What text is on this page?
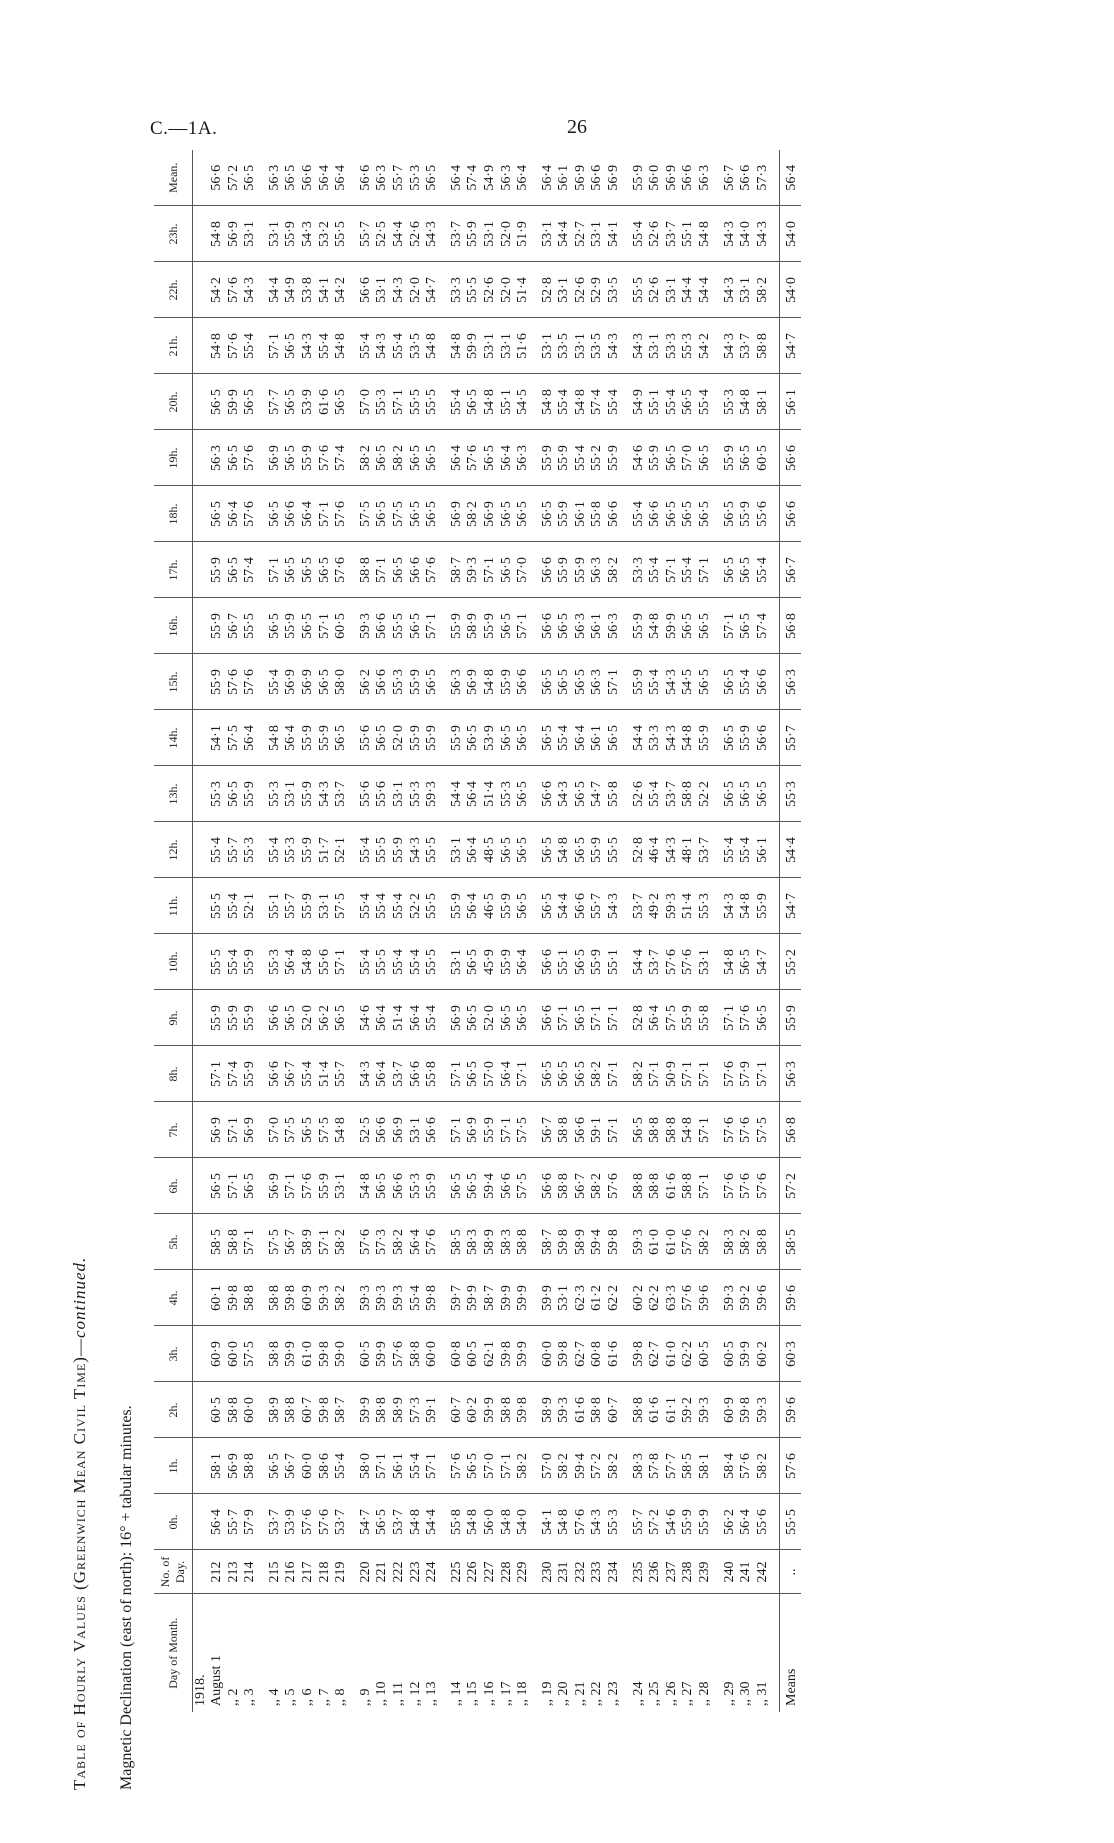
C.—1A.	26
Table of Hourly Values (Greenwich Mean Civil Time)—continued.
Magnetic Declination (east of north): 16° + tabular minutes.	Day of Month.	No. of Day.	0h.	1h.	2h.	3h.	4h.	5h.	6h.	7h.	8h.	9h.	10h.	11h.	12h.	13h.	14h.	15h.	16h.	17h.	18h.	19h.	20h.	21h.	22h.	23h.	Mean.
1918.																										
August 1	212	56·4	58·1	60·5	60·9	60·1	58·5	56·5	56·9	57·1	55·9	55·5	55·5	55·4	55·3	54·1	55·9	55·9	55·9	56·5	56·3	56·5	54·8	54·2	54·8	56·6
,, 2	213	55·7	56·9	58·8	60·0	59·8	58·8	57·1	57·1	57·4	55·9	55·4	55·4	55·7	56·5	57·5	57·6	56·7	56·5	56·4	56·5	59·9	57·6	57·6	56·9	57·2
,, 3	214	57·9	58·8	60·0	57·5	58·8	57·1	56·5	56·9	55·9	55·9	55·9	52·1	55·3	55·9	56·4	57·6	55·5	57·4	57·6	57·6	56·5	55·4	54·3	53·1	56·5

,, 4	215	53·7	56·5	58·9	58·8	58·8	57·5	56·9	57·0	56·6	56·6	55·3	55·1	55·4	55·3	54·8	55·4	56·5	57·1	56·5	56·9	57·7	57·1	54·4	53·1	56·3
,, 5	216	53·9	56·7	58·8	59·9	59·8	56·7	57·1	57·5	56·7	56·5	56·4	55·7	55·3	53·1	56·4	56·9	55·9	56·5	56·6	56·5	56·5	56·5	54·9	55·9	56·5
,, 6	217	57·6	60·0	60·7	61·0	60·9	58·9	57·6	56·5	55·4	52·0	54·8	55·9	55·9	55·9	55·9	56·9	56·5	56·5	56·4	55·9	53·9	54·3	53·8	54·3	56·6
,, 7	218	57·6	58·6	59·8	59·8	59·3	57·1	55·9	57·5	51·4	56·2	55·6	53·1	51·7	54·3	55·9	56·5	57·1	56·5	57·1	57·6	61·6	55·4	54·1	53·2	56·4
,, 8	219	53·7	55·4	58·7	59·0	58·2	58·2	53·1	54·8	55·7	56·5	57·1	57·5	52·1	53·7	56·5	58·0	60·5	57·6	57·6	57·4	56·5	54·8	54·2	55·5	56·4

,, 9	220	54·7	58·0	59·9	60·5	59·3	57·6	54·8	52·5	54·3	54·6	55·4	55·4	55·4	55·6	55·6	56·2	59·3	58·8	57·5	58·2	57·0	55·4	56·6	55·7	56·6
,, 10	221	56·5	57·1	58·8	59·9	59·3	57·3	56·5	56·6	56·4	56·4	55·5	55·4	55·5	55·6	56·5	56·6	56·6	57·1	56·5	56·5	55·3	54·3	53·1	52·5	56·3
,, 11	222	53·7	56·1	58·9	57·6	59·3	58·2	56·6	56·9	53·7	51·4	55·4	55·4	55·9	53·1	52·0	55·3	55·5	56·5	57·5	58·2	57·1	55·4	54·3	54·4	55·7
,, 12	223	54·8	55·4	57·3	58·8	55·4	56·4	55·3	53·1	56·6	56·4	55·4	52·2	54·3	55·3	55·9	55·9	56·5	56·6	56·5	56·5	55·5	53·5	52·0	52·6	55·3
,, 13	224	54·4	57·1	59·1	60·0	59·8	57·6	55·9	56·6	55·8	55·4	55·5	55·5	55·5	59·3	55·9	56·5	57·1	57·6	56·5	56·5	55·5	54·8	54·7	54·3	56·5

,, 14	225	55·8	57·6	60·7	60·8	59·7	58·5	56·5	57·1	57·1	56·9	53·1	55·9	53·1	54·4	55·9	56·3	55·9	58·7	56·9	56·4	55·4	54·8	53·3	53·7	56·4
,, 15	226	54·8	56·5	60·2	60·5	59·9	58·3	56·5	56·9	56·5	56·5	56·5	56·4	56·4	56·4	56·5	56·9	58·9	59·3	58·2	57·6	56·5	59·9	55·5	55·9	57·4
,, 16	227	56·0	57·0	59·9	62·1	58·7	58·9	59·4	55·9	57·0	52·0	45·9	46·5	48·5	51·4	53·9	54·8	55·9	57·1	56·9	56·5	54·8	53·1	52·6	53·1	54·9
,, 17	228	54·8	57·1	58·8	59·8	59·9	58·3	56·6	57·1	56·4	56·5	55·9	55·9	56·5	55·3	56·5	55·9	56·5	56·5	56·5	56·4	55·1	53·1	52·0	52·0	56·3
,, 18	229	54·0	58·2	59·8	59·9	59·9	58·8	57·5	57·5	57·1	56·5	56·4	56·5	56·5	56·5	56·5	56·6	57·1	57·0	56·5	56·3	54·5	51·6	51·4	51·9	56·4

,, 19	230	54·1	57·0	58·9	60·0	59·9	58·7	56·6	56·7	56·5	56·6	56·6	56·5	56·5	56·6	56·5	56·5	56·6	56·6	56·5	55·9	54·8	53·1	52·8	53·1	56·4
,, 20	231	54·8	58·2	59·3	59·8	53·1	59·8	58·8	58·8	56·5	57·1	55·1	54·4	54·8	54·3	55·4	56·5	56·5	55·9	55·9	55·9	55·4	53·5	53·1	54·4	56·1
,, 21	232	57·6	59·4	61·6	62·7	62·3	58·9	56·7	56·6	56·5	56·5	56·5	56·6	56·5	56·5	56·4	56·5	56·3	55·9	56·1	55·4	54·8	53·1	52·6	52·7	56·9
,, 22	233	54·3	57·2	58·8	60·8	61·2	59·4	58·2	59·1	58·2	57·1	55·9	55·7	55·9	54·7	56·1	56·3	56·1	56·3	55·8	55·2	57·4	53·5	52·9	53·1	56·6
,, 23	234	55·3	58·2	60·7	61·6	62·2	59·8	57·6	57·1	57·1	57·1	55·1	54·3	55·5	55·8	56·5	57·1	56·3	58·2	56·6	55·9	55·4	54·3	53·5	54·1	56·9

,, 24	235	55·7	58·3	58·8	59·8	60·2	59·3	58·8	56·5	58·2	52·8	54·4	53·7	52·8	52·6	54·4	55·9	55·9	53·3	55·4	54·6	54·9	54·3	55·5	55·4	55·9
,, 25	236	57·2	57·8	61·6	62·7	62·2	61·0	58·8	58·8	57·1	56·4	53·7	49·2	46·4	55·4	53·3	55·4	54·8	55·4	56·6	55·9	55·1	53·1	52·6	52·6	56·0
,, 26	237	54·6	57·7	61·1	61·0	63·3	61·0	61·6	58·8	50·9	57·5	57·6	59·3	54·3	53·7	54·3	54·3	59·9	57·1	56·5	56·5	55·4	53·3	53·1	53·7	56·9
,, 27	238	55·9	58·5	59·2	62·2	57·6	57·6	58·8	54·8	57·1	55·9	57·6	51·4	48·1	58·8	54·8	54·5	56·5	55·4	56·5	57·0	56·5	55·3	54·4	55·1	56·6
,, 28	239	55·9	58·1	59·3	60·5	59·6	58·2	57·1	57·1	57·1	55·8	53·1	55·3	53·7	52·2	55·9	56·5	56·5	57·1	56·5	56·5	55·4	54·2	54·4	54·8	56·3

,, 29	240	56·2	58·4	60·9	60·5	59·3	58·3	57·6	57·6	57·6	57·1	54·8	54·3	55·4	56·5	56·5	56·5	57·1	56·5	56·5	55·9	55·3	54·3	54·3	54·3	56·7
,, 30	241	56·4	57·6	59·8	59·9	59·2	58·2	57·6	57·6	57·9	57·6	56·5	54·8	55·4	56·5	55·9	55·4	56·5	56·5	55·9	56·5	54·8	53·7	53·1	54·0	56·6
,, 31	242	55·6	58·2	59·3	60·2	59·6	58·8	57·6	57·5	57·1	56·5	54·7	55·9	56·1	56·5	56·6	56·6	57·4	55·4	55·6	60·5	58·1	58·8	58·2	54·3	57·3

Means	..	55·5	57·6	59·6	60·3	59·6	58·5	57·2	56·8	56·3	55·9	55·2	54·7	54·4	55·3	55·7	56·3	56·8	56·7	56·6	56·6	56·1	54·7	54·0	54·0	56·4
